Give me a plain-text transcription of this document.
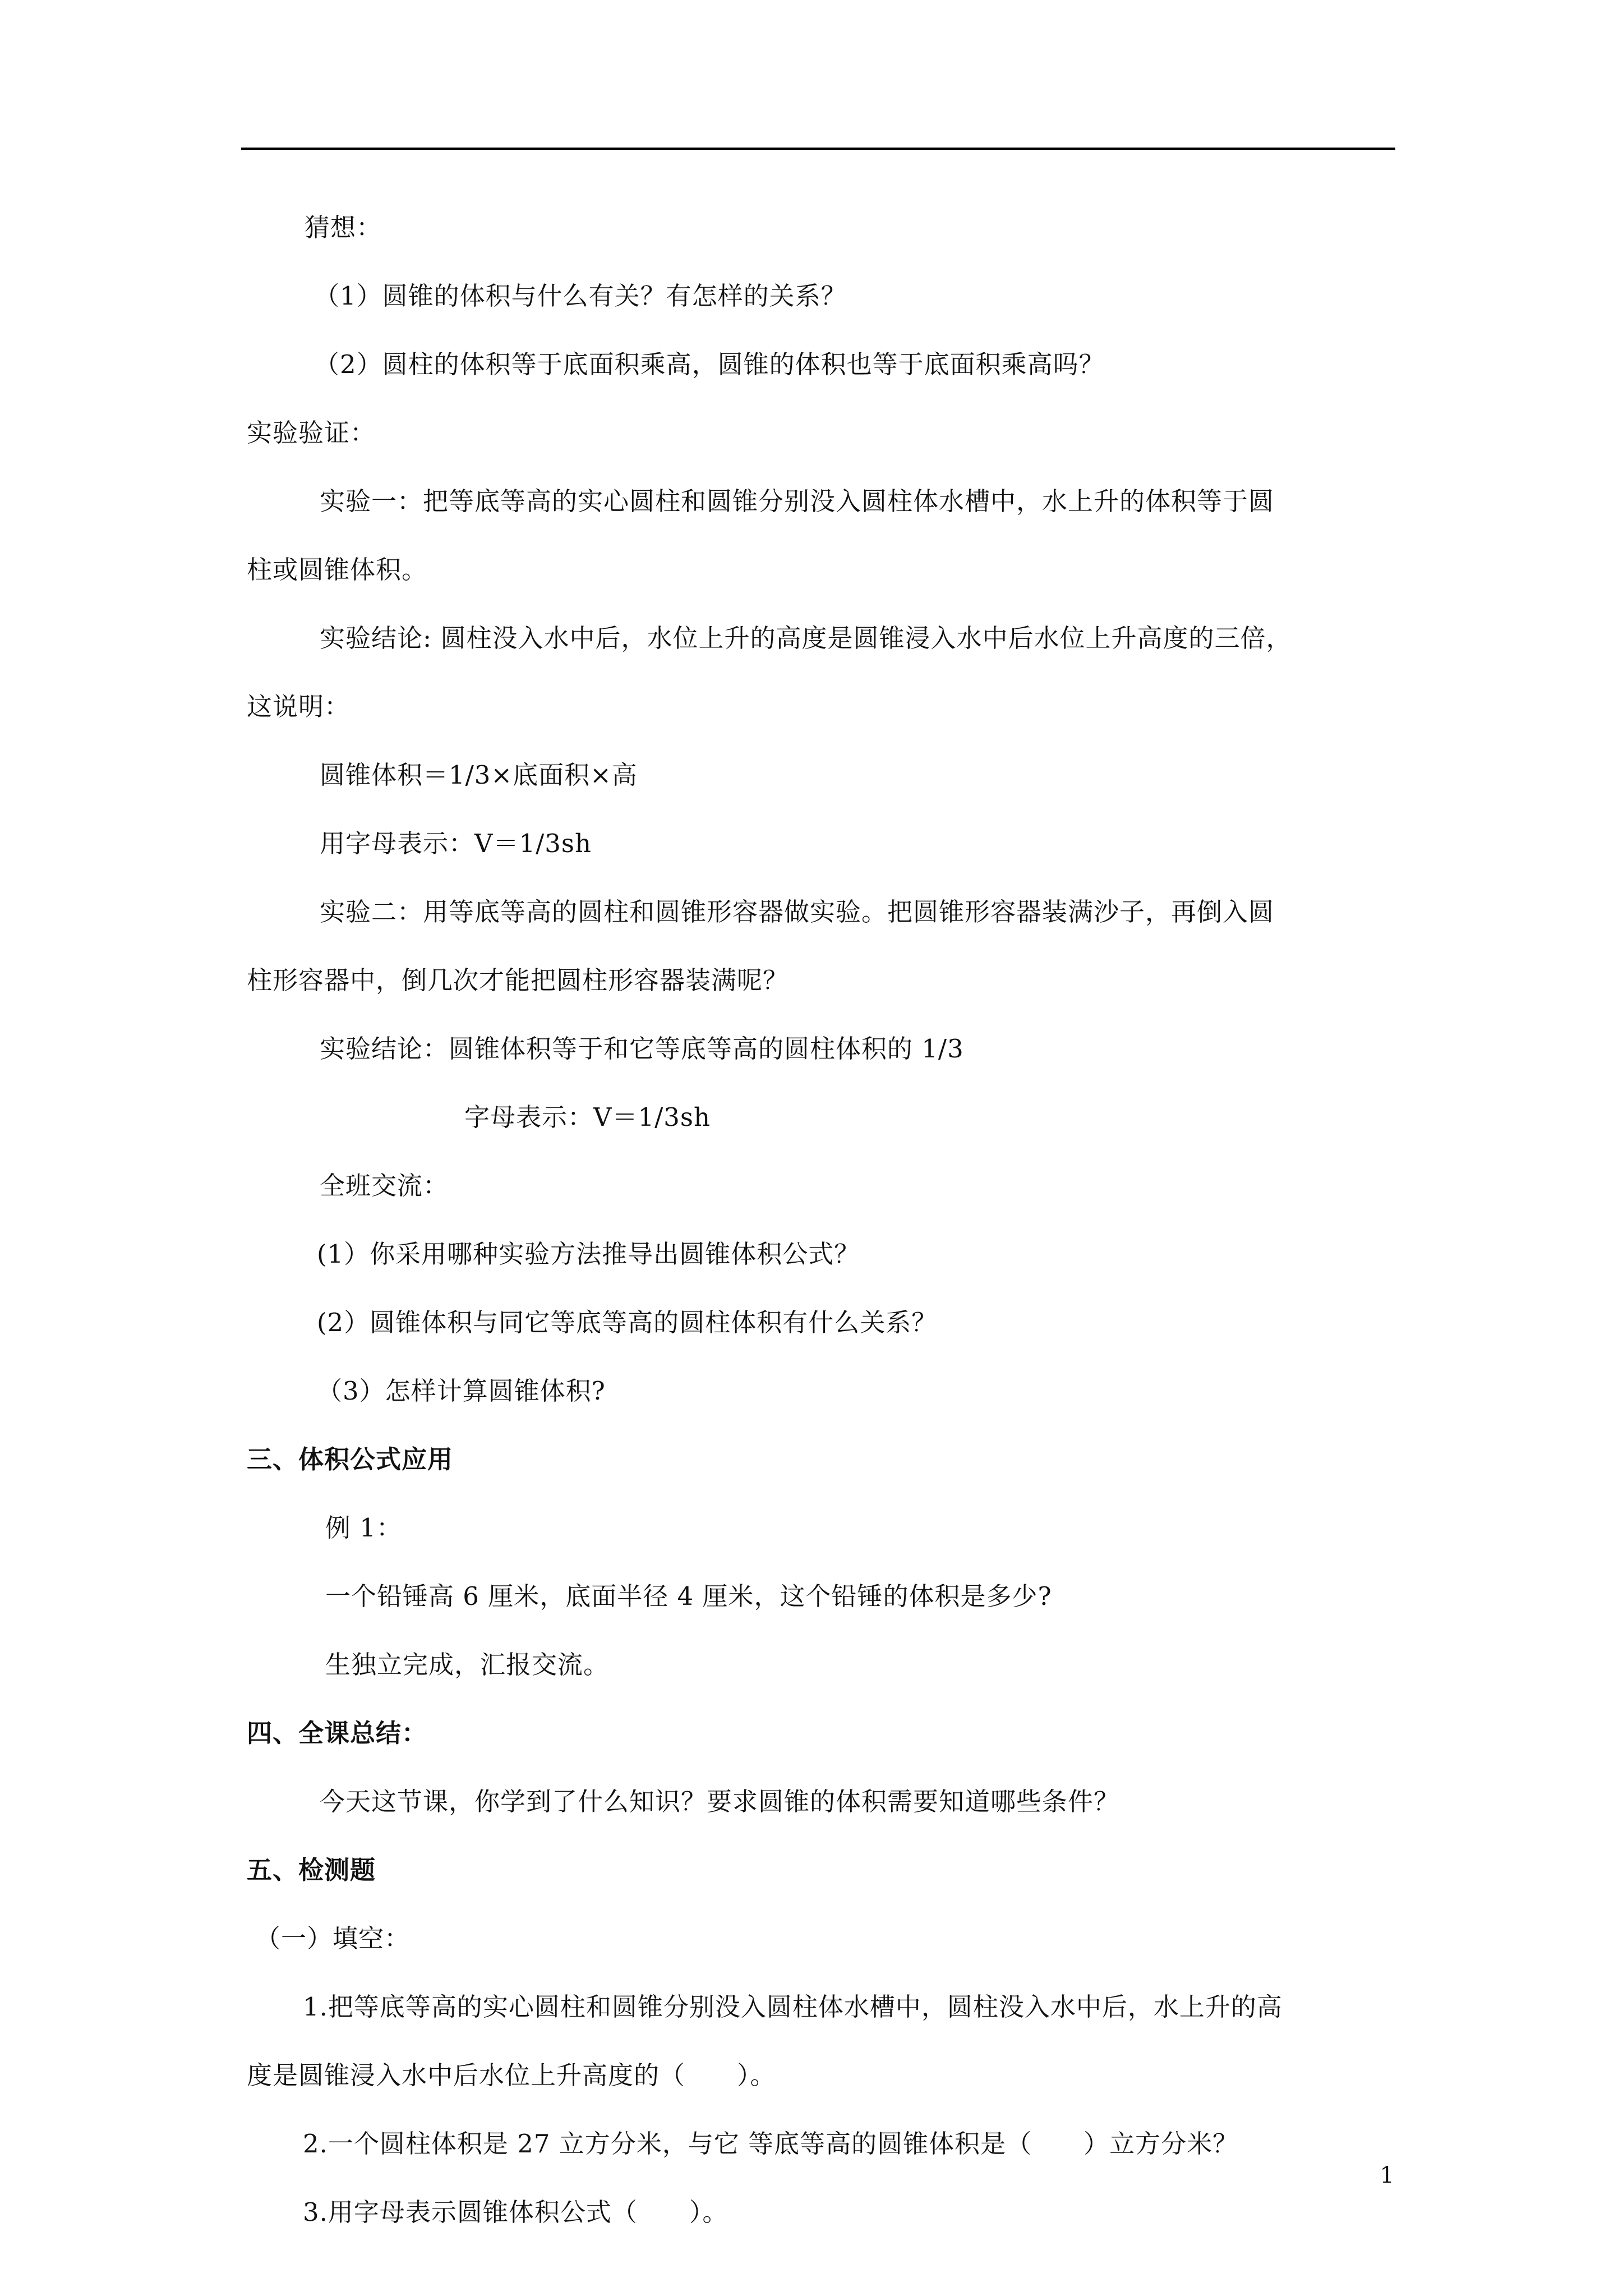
猜想：
（1）圆锥的体积与什么有关？有怎样的关系？
（2）圆柱的体积等于底面积乘高，圆锥的体积也等于底面积乘高吗？
实验验证：
实验一：把等底等高的实心圆柱和圆锥分别没入圆柱体水槽中，水上升的体积等于圆
柱或圆锥体积。
实验结论: 圆柱没入水中后，水位上升的高度是圆锥浸入水中后水位上升高度的三倍，
这说明：
圆锥体积＝1/3×底面积×高
用字母表示：V＝1/3sh
实验二：用等底等高的圆柱和圆锥形容器做实验。把圆锥形容器装满沙子，再倒入圆
柱形容器中，倒几次才能把圆柱形容器装满呢？
实验结论：圆锥体积等于和它等底等高的圆柱体积的 1/3
字母表示：V＝1/3sh
全班交流：
(1）你采用哪种实验方法推导出圆锥体积公式？
(2）圆锥体积与同它等底等高的圆柱体积有什么关系？
（3）怎样计算圆锥体积?
三、体积公式应用
例 1：
一个铅锤高 6 厘米，底面半径 4 厘米，这个铅锤的体积是多少?
生独立完成，汇报交流。
四、全课总结：
今天这节课，你学到了什么知识？要求圆锥的体积需要知道哪些条件？
五、检测题
（一）填空：
1.把等底等高的实心圆柱和圆锥分别没入圆柱体水槽中，圆柱没入水中后，水上升的高
度是圆锥浸入水中后水位上升高度的（　　）。
2.一个圆柱体积是 27 立方分米，与它 等底等高的圆锥体积是（　　）立方分米？
3.用字母表示圆锥体积公式（　　）。
1
